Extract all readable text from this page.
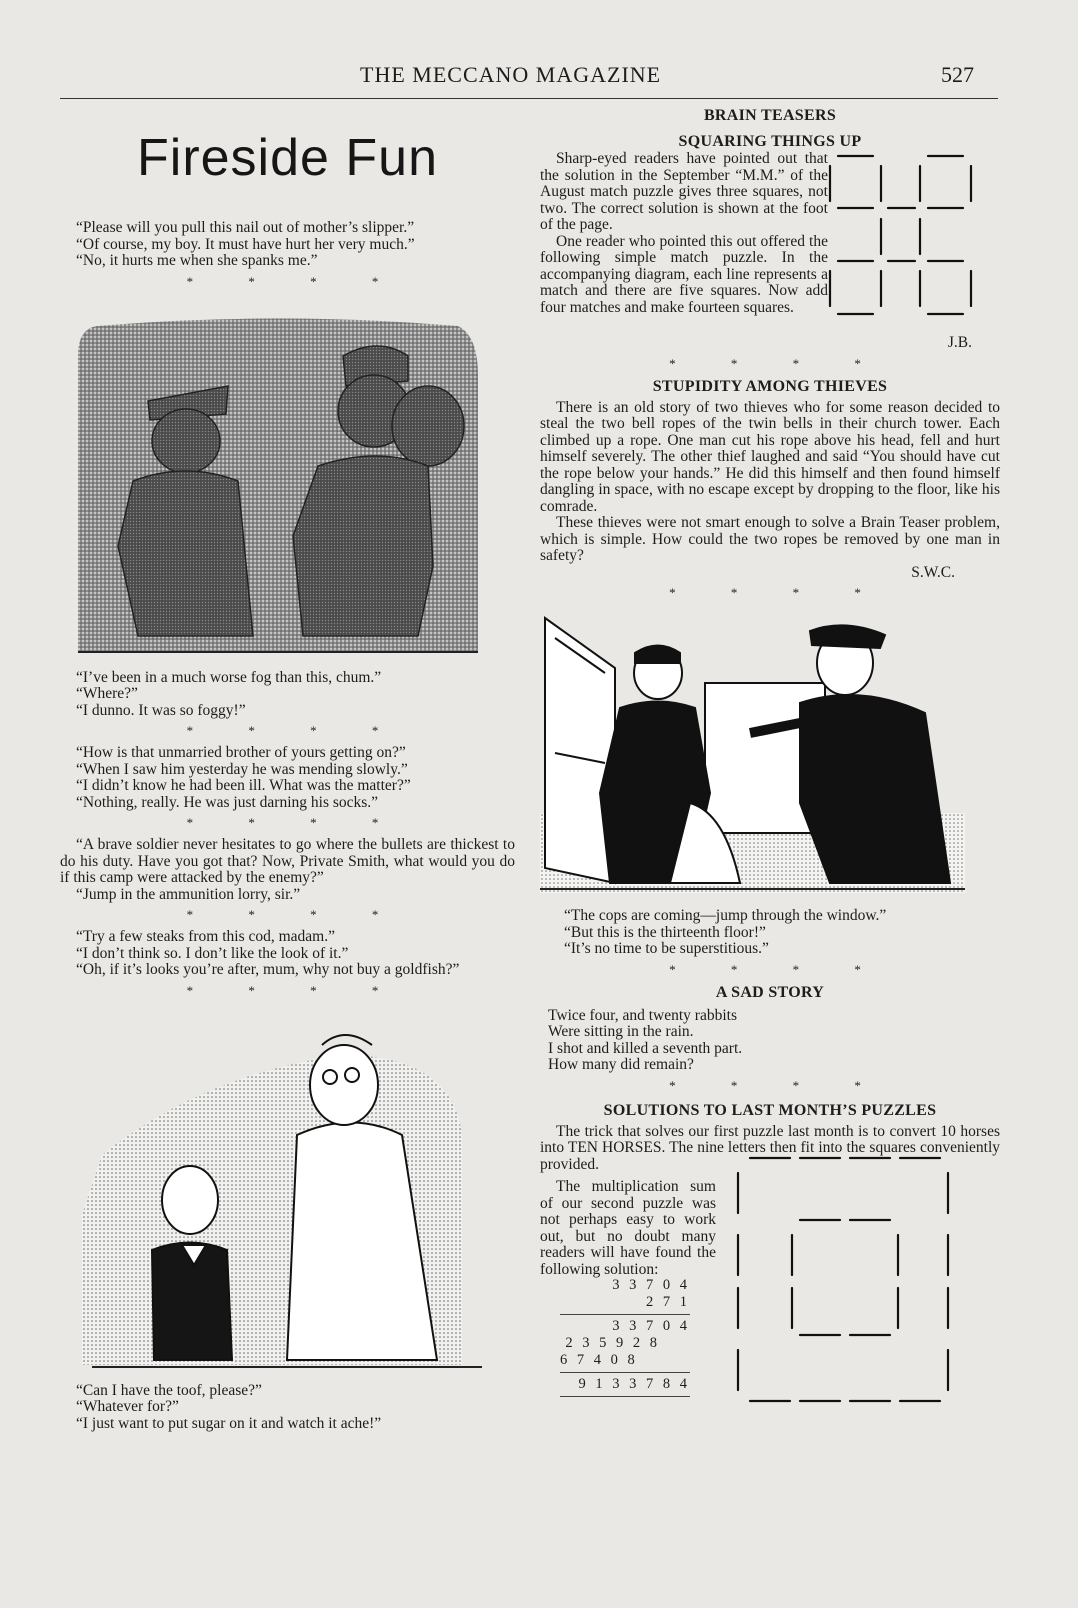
THE MECCANO MAGAZINE	527
Fireside Fun

“Please will you pull this nail out of mother’s slipper.”

“Of course, my boy. It must have hurt her very much.”

“No, it hurts me when she spanks me.”

* * * *

“I’ve been in a much worse fog than this, chum.”

“Where?”

“I dunno. It was so foggy!”

* * * *

“How is that unmarried brother of yours getting on?”

“When I saw him yesterday he was mending slowly.”

“I didn’t know he had been ill. What was the matter?”

“Nothing, really. He was just darning his socks.”

* * * *

“A brave soldier never hesitates to go where the bullets are thickest to do his duty. Have you got that? Now, Private Smith, what would you do if this camp were attacked by the enemy?”

“Jump in the ammunition lorry, sir.”

* * * *

“Try a few steaks from this cod, madam.”

“I don’t think so. I don’t like the look of it.”

“Oh, if it’s looks you’re after, mum, why not buy a goldfish?”

* * * *

“Can I have the toof, please?”

“Whatever for?”

“I just want to put sugar on it and watch it ache!”

BRAIN TEASERS
SQUARING THINGS UP

Sharp-eyed readers have pointed out that the solution in the September “M.M.” of the August match puzzle gives three squares, not two. The correct solution is shown at the foot of the page.

One reader who pointed this out offered the following simple match puzzle. In the accompanying diagram, each line represents a match and there are five squares. Now add four matches and make fourteen squares.

J.B.
* * * *
STUPIDITY AMONG THIEVES

There is an old story of two thieves who for some reason decided to steal the two bell ropes of the twin bells in their church tower. Each climbed up a rope. One man cut his rope above his head, fell and hurt himself severely. The other thief laughed and said “You should have cut the rope below your hands.” He did this himself and then found himself dangling in space, with no escape except by dropping to the floor, like his comrade.

These thieves were not smart enough to solve a Brain Teaser problem, which is simple. How could the two ropes be removed by one man in safety?

S.W.C.
* * * *

“The cops are coming—jump through the window.”

“But this is the thirteenth floor!”

“It’s no time to be superstitious.”

* * * *
A SAD STORY

Twice four, and twenty rabbits

Were sitting in the rain.

I shot and killed a seventh part.

How many did remain?

* * * *
SOLUTIONS TO LAST MONTH’S PUZZLES

The trick that solves our first puzzle last month is to convert 10 horses into TEN HORSES. The nine letters then fit into the squares conveniently provided.

The multiplication sum of our second puzzle was not perhaps easy to work out, but no doubt many readers will have found the following solution:

3 3 7 0 4
2 7 1
3 3 7 0 4
2 3 5 9 2 8
6 7 4 0 8
9 1 3 3 7 8 4
